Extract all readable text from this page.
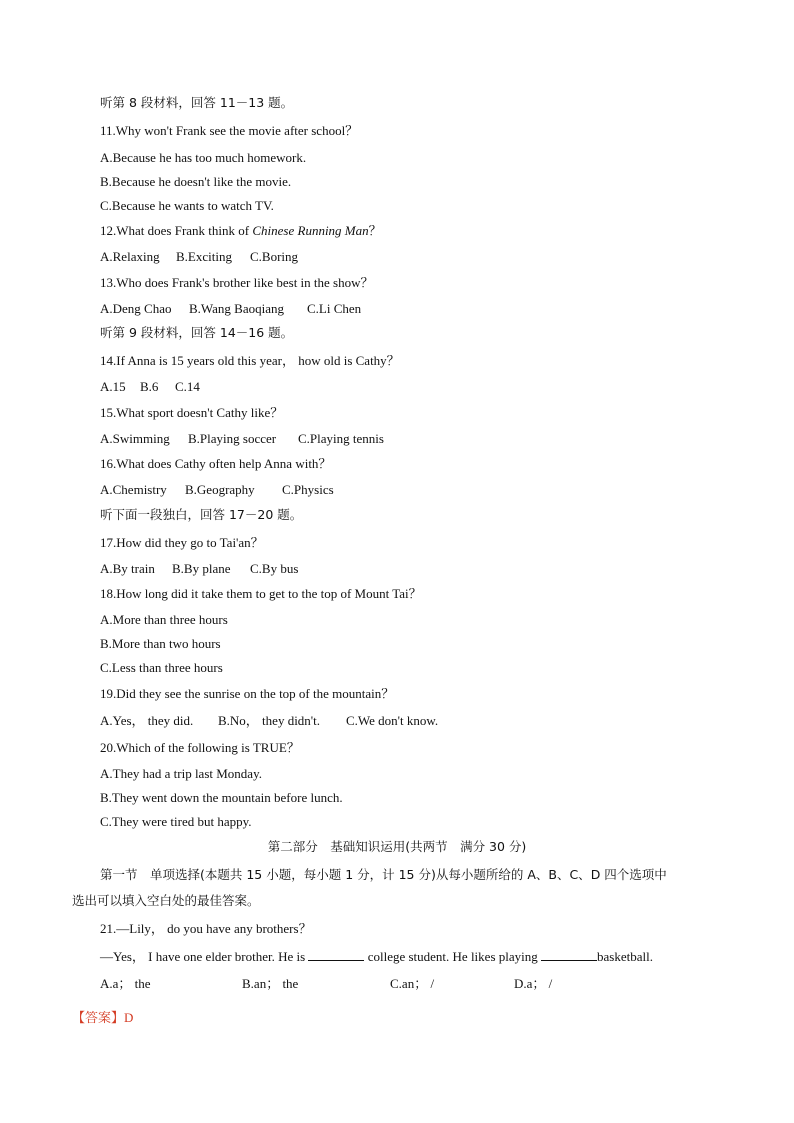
听第 8 段材料，回答 11－13 题。
11.Why won't Frank see the movie after school？
A.Because he has too much homework.
B.Because he doesn't like the movie.
C.Because he wants to watch TV.
12.What does Frank think of Chinese Running Man？
A.Relaxing B.Exciting C.Boring
13.Who does Frank's brother like best in the show？
A.Deng Chao B.Wang Baoqiang C.Li Chen
听第 9 段材料，回答 14－16 题。
14.If Anna is 15 years old this year， how old is Cathy？
A.15 B.6 C.14
15.What sport doesn't Cathy like？
A.Swimming B.Playing soccer C.Playing tennis
16.What does Cathy often help Anna with？
A.Chemistry B.Geography C.Physics
听下面一段独白，回答 17－20 题。
17.How did they go to Tai'an？
A.By train B.By plane C.By bus
18.How long did it take them to get to the top of Mount Tai？
A.More than three hours
B.More than two hours
C.Less than three hours
19.Did they see the sunrise on the top of the mountain？
A.Yes， they did. B.No， they didn't. C.We don't know.
20.Which of the following is TRUE？
A.They had a trip last Monday.
B.They went down the mountain before lunch.
C.They were tired but happy.
第二部分　基础知识运用(共两节　满分 30 分)
第一节　单项选择(本题共 15 小题，每小题 1 分，计 15 分)从每小题所给的 A、B、C、D 四个选项中
选出可以填入空白处的最佳答案。
21.—Lily， do you have any brothers？
—Yes， I have one elder brother. He is	college student. He likes playing	basketball.
A.a； the	B.an； the	C.an； /	D.a； /
【答案】D
